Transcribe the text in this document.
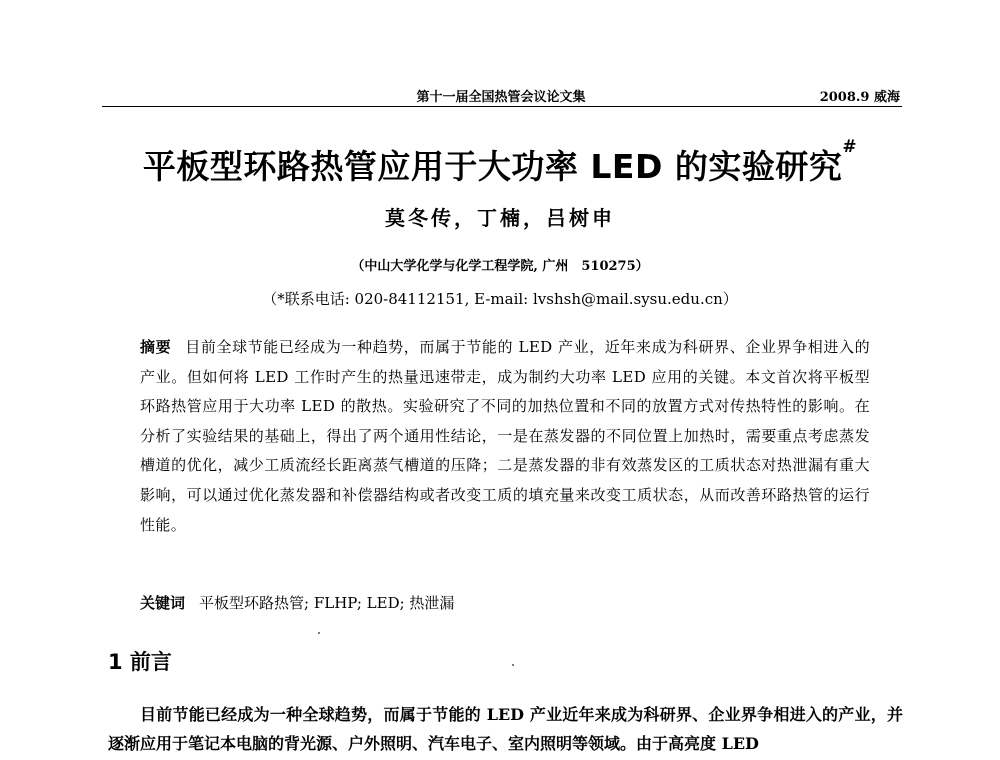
第十一届全国热管会议论文集	2008.9 威海
平板型环路热管应用于大功率 LED 的实验研究#
莫冬传，丁楠，吕树申
（中山大学化学与化学工程学院, 广州　510275）
（*联系电话: 020-84112151, E-mail: lvshsh@mail.sysu.edu.cn）
摘要 目前全球节能已经成为一种趋势，而属于节能的 LED 产业，近年来成为科研界、企业界争相进入的产业。但如何将 LED 工作时产生的热量迅速带走，成为制约大功率 LED 应用的关键。本文首次将平板型环路热管应用于大功率 LED 的散热。实验研究了不同的加热位置和不同的放置方式对传热特性的影响。在分析了实验结果的基础上，得出了两个通用性结论，一是在蒸发器的不同位置上加热时，需要重点考虑蒸发槽道的优化，减少工质流经长距离蒸气槽道的压降；二是蒸发器的非有效蒸发区的工质状态对热泄漏有重大影响，可以通过优化蒸发器和补偿器结构或者改变工质的填充量来改变工质状态，从而改善环路热管的运行性能。
关键词 平板型环路热管; FLHP; LED; 热泄漏
1 前言
目前节能已经成为一种全球趋势，而属于节能的 LED 产业近年来成为科研界、企业界争相进入的产业，并逐渐应用于笔记本电脑的背光源、户外照明、汽车电子、室内照明等领域。由于高亮度 LED
